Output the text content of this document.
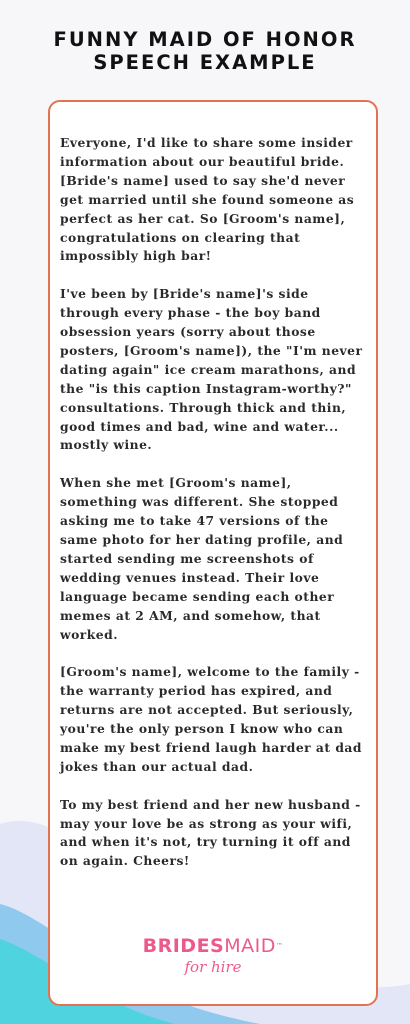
FUNNY MAID OF HONOR
SPEECH EXAMPLE

Everyone, I'd like to share some insider information about our beautiful bride. [Bride's name] used to say she'd never get married until she found someone as perfect as her cat. So [Groom's name], congratulations on clearing that impossibly high bar!

I've been by [Bride's name]'s side through every phase - the boy band obsession years (sorry about those posters, [Groom's name]), the "I'm never dating again" ice cream marathons, and the "is this caption Instagram-worthy?" consultations. Through thick and thin, good times and bad, wine and water... mostly wine.

When she met [Groom's name], something was different. She stopped asking me to take 47 versions of the same photo for her dating profile, and started sending me screenshots of wedding venues instead. Their love language became sending each other memes at 2 AM, and somehow, that worked.

[Groom's name], welcome to the family - the warranty period has expired, and returns are not accepted. But seriously, you're the only person I know who can make my best friend laugh harder at dad jokes than our actual dad.

To my best friend and her new husband - may your love be as strong as your wifi, and when it's not, try turning it off and on again. Cheers!

BRIDESMAID™
for hire
